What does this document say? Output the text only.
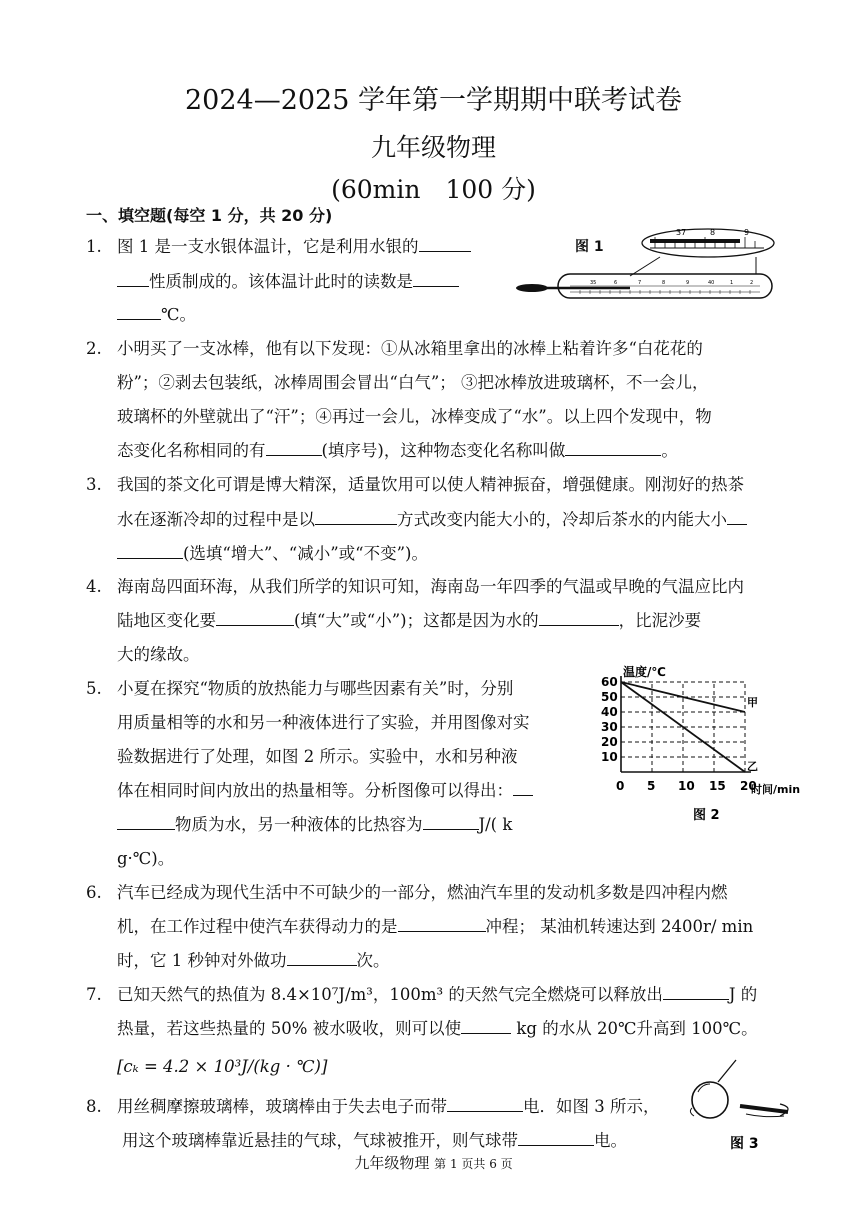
2024—2025 学年第一学期期中联考试卷
九年级物理
(60min　100 分)
一、填空题(每空 1 分，共 20 分)
1. 图 1 是一支水银体温计，它是利用水银的
性质制成的。该体温计此时的读数是
℃。
图 1
37	8	9
35	6	7	8	9	40	1	2
2. 小明买了一支冰棒，他有以下发现：①从冰箱里拿出的冰棒上粘着许多“白花花的
粉”；②剥去包装纸，冰棒周围会冒出“白气”； ③把冰棒放进玻璃杯，不一会儿，
玻璃杯的外壁就出了“汗”；④再过一会儿，冰棒变成了“水”。以上四个发现中，物
态变化名称相同的有	(填序号)，这种物态变化名称叫做	。
3. 我国的茶文化可谓是博大精深，适量饮用可以使人精神振奋，增强健康。刚沏好的热茶
水在逐渐冷却的过程中是以	方式改变内能大小的，冷却后茶水的内能大小
(选填“增大”、“减小”或“不变”)。
4. 海南岛四面环海，从我们所学的知识可知，海南岛一年四季的气温或早晚的气温应比内
陆地区变化要	(填“大”或“小”)；这都是因为水的	，比泥沙要
大的缘故。
5. 小夏在探究“物质的放热能力与哪些因素有关”时，分别
用质量相等的水和另一种液体进行了实验，并用图像对实
验数据进行了处理，如图 2 所示。实验中，水和另种液
体在相同时间内放出的热量相等。分析图像可以得出：
物质为水，另一种液体的比热容为	J/( k
g·℃)。
温度/℃
10
20
30
40
50
60
0 5 10 15 20
甲
乙
时间/min
图 2
6. 汽车已经成为现代生活中不可缺少的一部分，燃油汽车里的发动机多数是四冲程内燃
机，在工作过程中使汽车获得动力的是	冲程； 某油机转速达到 2400r/ min
时，它 1 秒钟对外做功	次。
7. 已知天然气的热值为 8.4×10⁷J/m³，100m³ 的天然气完全燃烧可以释放出	J 的
热量，若这些热量的 50% 被水吸收，则可以使	kg 的水从 20℃升高到 100℃。
[cₖ = 4.2 × 10³J/(kg · ℃)]
8. 用丝稠摩擦玻璃棒，玻璃棒由于失去电子而带	电．如图 3 所示，
用这个玻璃棒靠近悬挂的气球，气球被推开，则气球带	电。	图 3
九年级物理 第 1 页共 6 页
